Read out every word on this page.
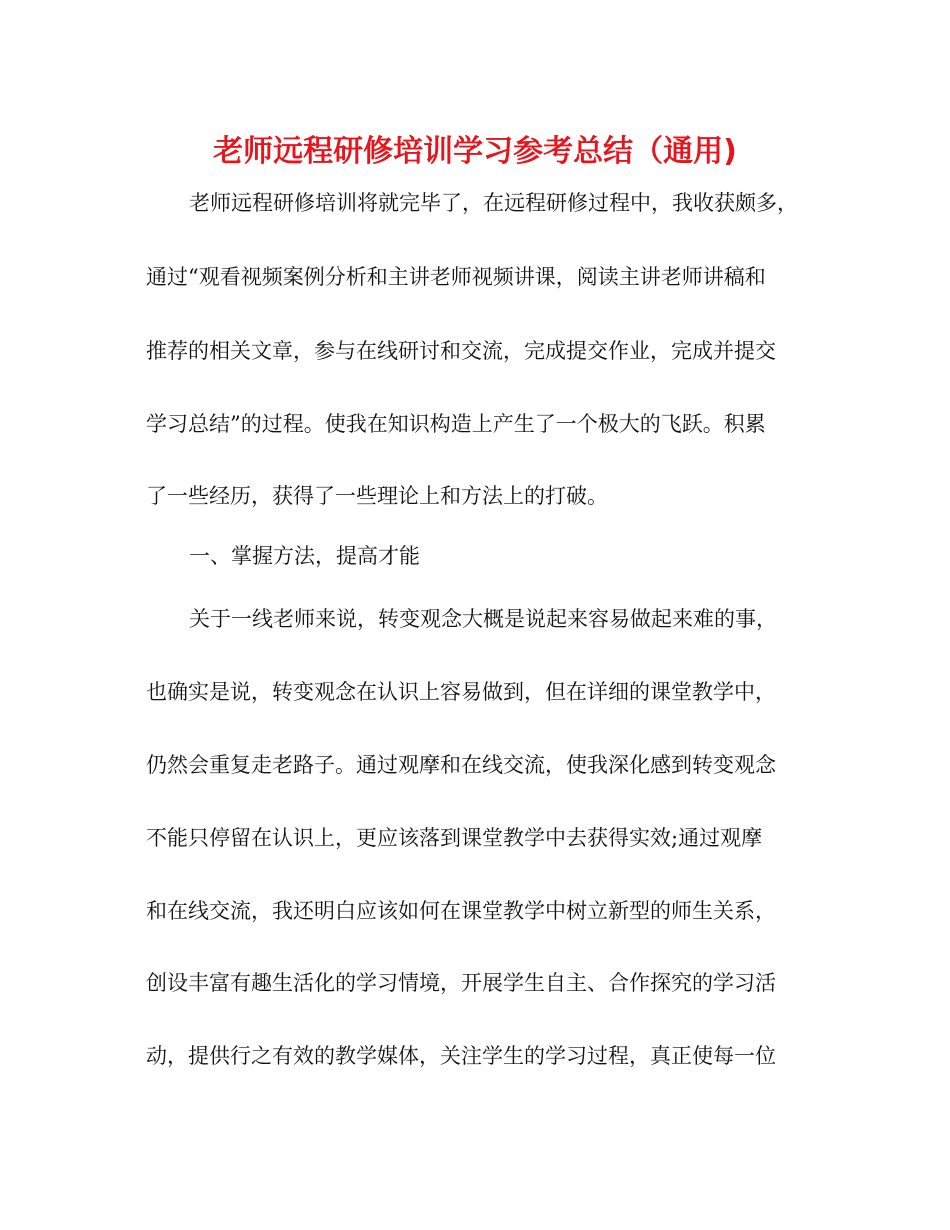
老师远程研修培训学习参考总结（通用)

老师远程研修培训将就完毕了，在远程研修过程中，我收获颇多，

通过“观看视频案例分析和主讲老师视频讲课，阅读主讲老师讲稿和

推荐的相关文章，参与在线研讨和交流，完成提交作业，完成并提交

学习总结”的过程。使我在知识构造上产生了一个极大的飞跃。积累

了一些经历，获得了一些理论上和方法上的打破。

一、掌握方法，提高才能

关于一线老师来说，转变观念大概是说起来容易做起来难的事，

也确实是说，转变观念在认识上容易做到，但在详细的课堂教学中，

仍然会重复走老路子。通过观摩和在线交流，使我深化感到转变观念

不能只停留在认识上，更应该落到课堂教学中去获得实效;通过观摩

和在线交流，我还明白应该如何在课堂教学中树立新型的师生关系，

创设丰富有趣生活化的学习情境，开展学生自主、合作探究的学习活

动，提供行之有效的教学媒体，关注学生的学习过程，真正使每一位
